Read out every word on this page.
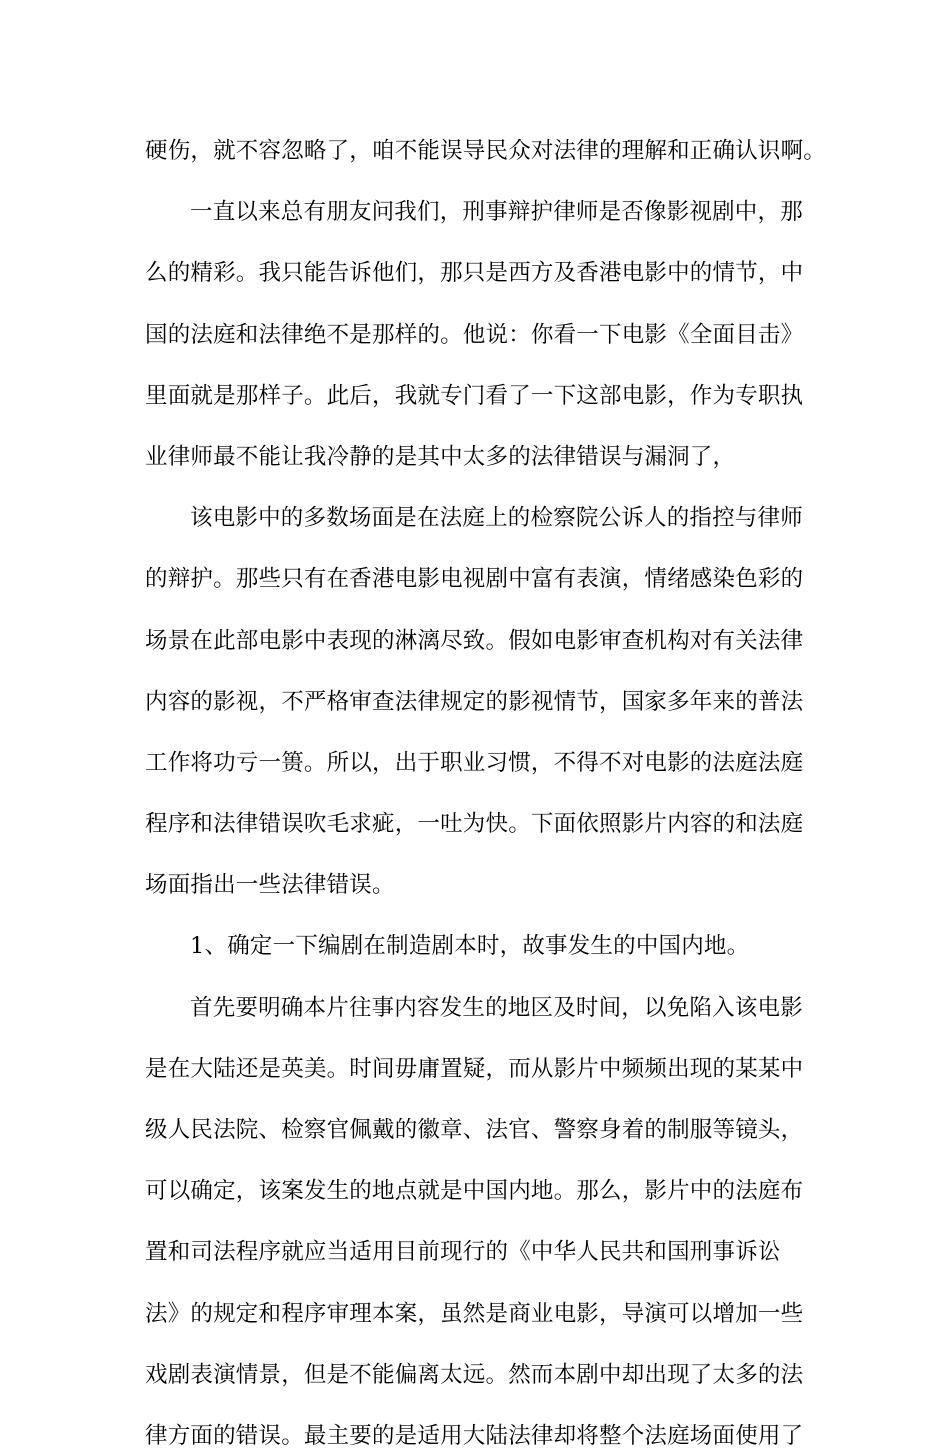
硬伤，就不容忽略了，咱不能误导民众对法律的理解和正确认识啊。
一直以来总有朋友问我们，刑事辩护律师是否像影视剧中，那
么的精彩。我只能告诉他们，那只是西方及香港电影中的情节，中
国的法庭和法律绝不是那样的。他说：你看一下电影《全面目击》
里面就是那样子。此后，我就专门看了一下这部电影，作为专职执
业律师最不能让我冷静的是其中太多的法律错误与漏洞了，
该电影中的多数场面是在法庭上的检察院公诉人的指控与律师
的辩护。那些只有在香港电影电视剧中富有表演，情绪感染色彩的
场景在此部电影中表现的淋漓尽致。假如电影审查机构对有关法律
内容的影视，不严格审查法律规定的影视情节，国家多年来的普法
工作将功亏一篑。所以，出于职业习惯，不得不对电影的法庭法庭
程序和法律错误吹毛求疵，一吐为快。下面依照影片内容的和法庭
场面指出一些法律错误。
1、确定一下编剧在制造剧本时，故事发生的中国内地。
首先要明确本片往事内容发生的地区及时间，以免陷入该电影
是在大陆还是英美。时间毋庸置疑，而从影片中频频出现的某某中
级人民法院、检察官佩戴的徽章、法官、警察身着的制服等镜头，
可以确定，该案发生的地点就是中国内地。那么，影片中的法庭布
置和司法程序就应当适用目前现行的《中华人民共和国刑事诉讼
法》的规定和程序审理本案，虽然是商业电影，导演可以增加一些
戏剧表演情景，但是不能偏离太远。然而本剧中却出现了太多的法
律方面的错误。最主要的是适用大陆法律却将整个法庭场面使用了
